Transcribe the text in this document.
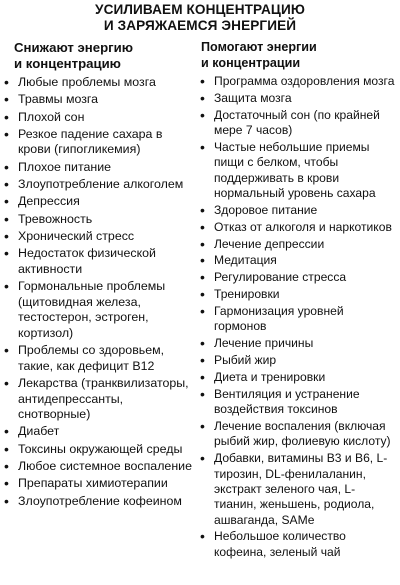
УСИЛИВАЕМ КОНЦЕНТРАЦИЮ
И ЗАРЯЖАЕМСЯ ЭНЕРГИЕЙ
Снижают энергию
и концентрацию
• Любые проблемы мозга
• Травмы мозга
• Плохой сон
• Резкое падение сахара в крови (гипогликемия)
• Плохое питание
• Злоупотребление алкоголем
• Депрессия
• Тревожность
• Хронический стресс
• Недостаток физической активности
• Гормональные проблемы (щитовидная железа, тестостерон, эстроген, кортизол)
• Проблемы со здоровьем, такие, как дефицит B12
• Лекарства (транквилизаторы, антидепрессанты, снотворные)
• Диабет
• Токсины окружающей среды
• Любое системное воспаление
• Препараты химиотерапии
• Злоупотребление кофеином
Помогают энергии
и концентрации
• Программа оздоровления мозга
• Защита мозга
• Достаточный сон (по крайней мере 7 часов)
• Частые небольшие приемы пищи с белком, чтобы поддерживать в крови нормальный уровень сахара
• Здоровое питание
• Отказ от алкоголя и наркотиков
• Лечение депрессии
• Медитация
• Регулирование стресса
• Тренировки
• Гармонизация уровней гормонов
• Лечение причины
• Рыбий жир
• Диета и тренировки
• Вентиляция и устранение воздействия токсинов
• Лечение воспаления (включая рыбий жир, фолиевую кислоту)
• Добавки, витамины B3 и B6, L-тирозин, DL-фенилаланин, экстракт зеленого чая, L-тианин, женьшень, родиола, ашваганда, SAMe
• Небольшое количество кофеина, зеленый чай
